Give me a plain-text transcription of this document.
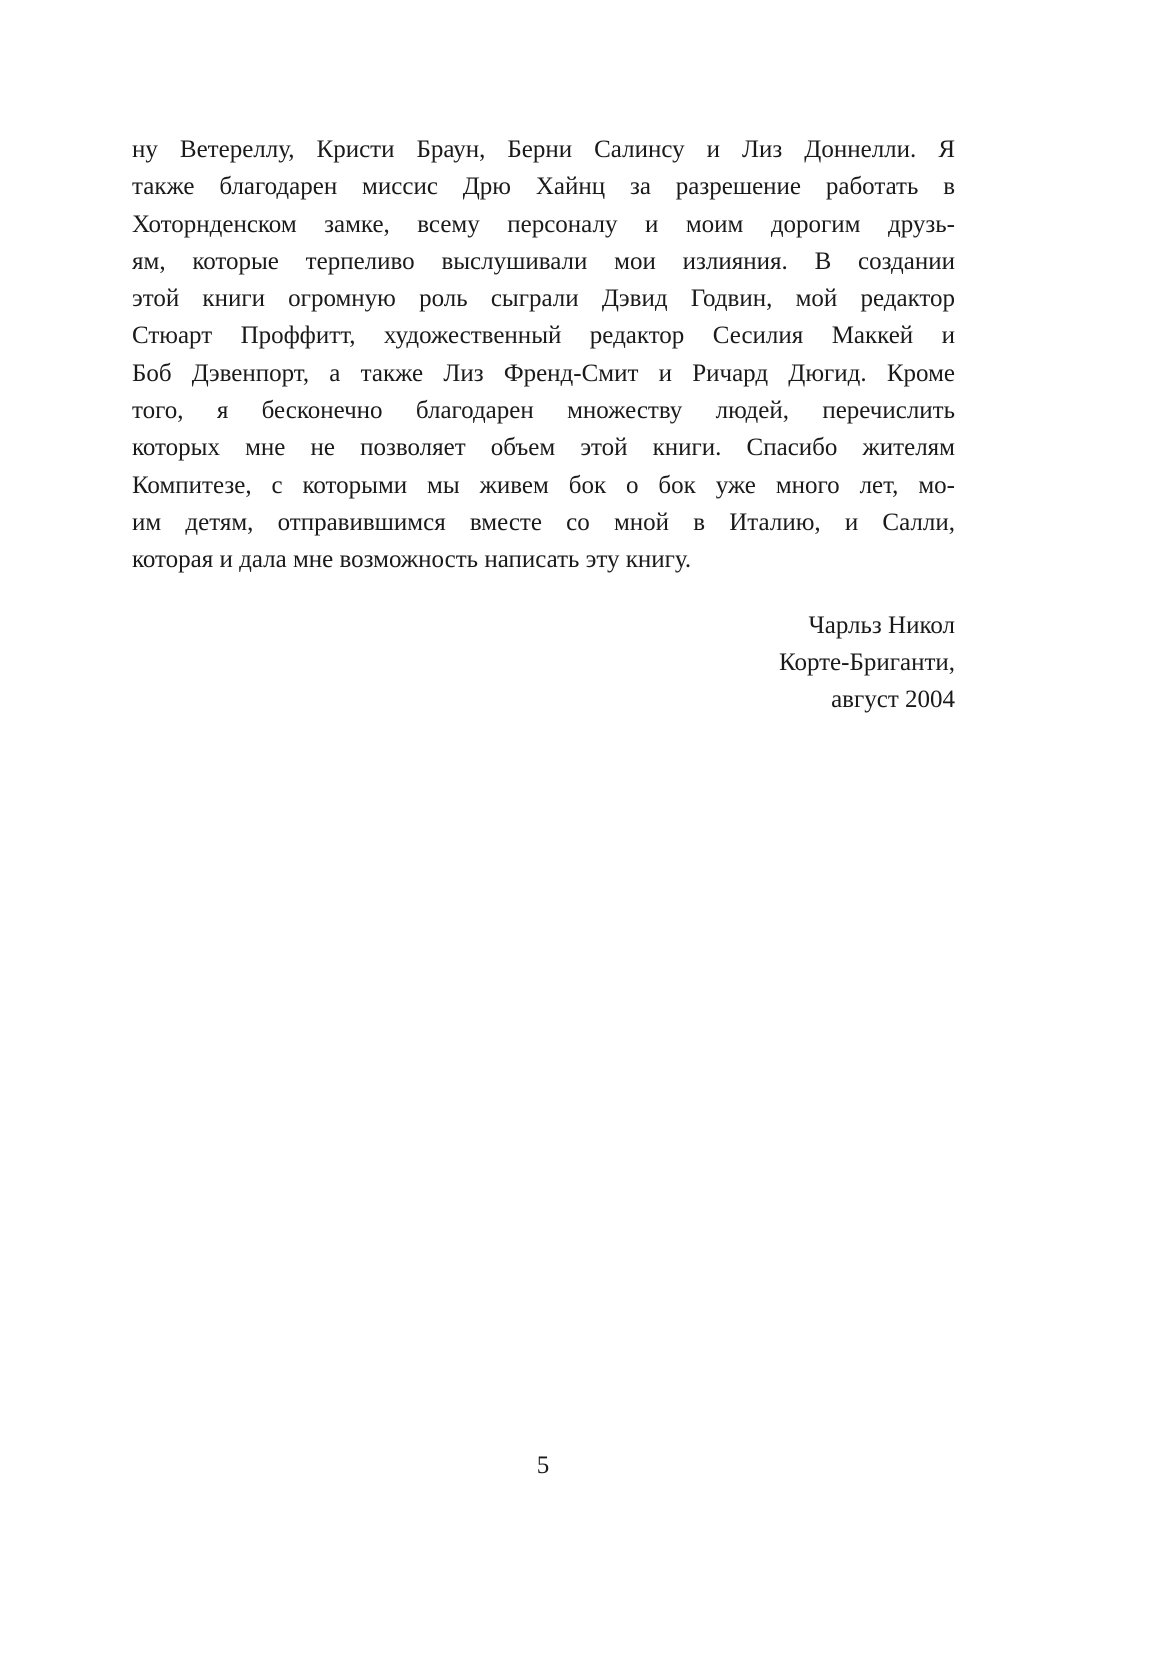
ну Ветереллу, Кристи Браун, Берни Салинсу и Лиз Доннелли. Я
также благодарен миссис Дрю Хайнц за разрешение работать в
Хоторнденском замке, всему персоналу и моим дорогим друзь-
ям, которые терпеливо выслушивали мои излияния. В создании
этой книги огромную роль сыграли Дэвид Годвин, мой редактор
Стюарт Проффитт, художественный редактор Сесилия Маккей и
Боб Дэвенпорт, а также Лиз Френд-Смит и Ричард Дюгид. Кроме
того, я бесконечно благодарен множеству людей, перечислить
которых мне не позволяет объем этой книги. Спасибо жителям
Компитезе, с которыми мы живем бок о бок уже много лет, мо-
им детям, отправившимся вместе со мной в Италию, и Салли,
которая и дала мне возможность написать эту книгу.
Чарльз Никол
Корте-Бриганти,
август 2004
5
